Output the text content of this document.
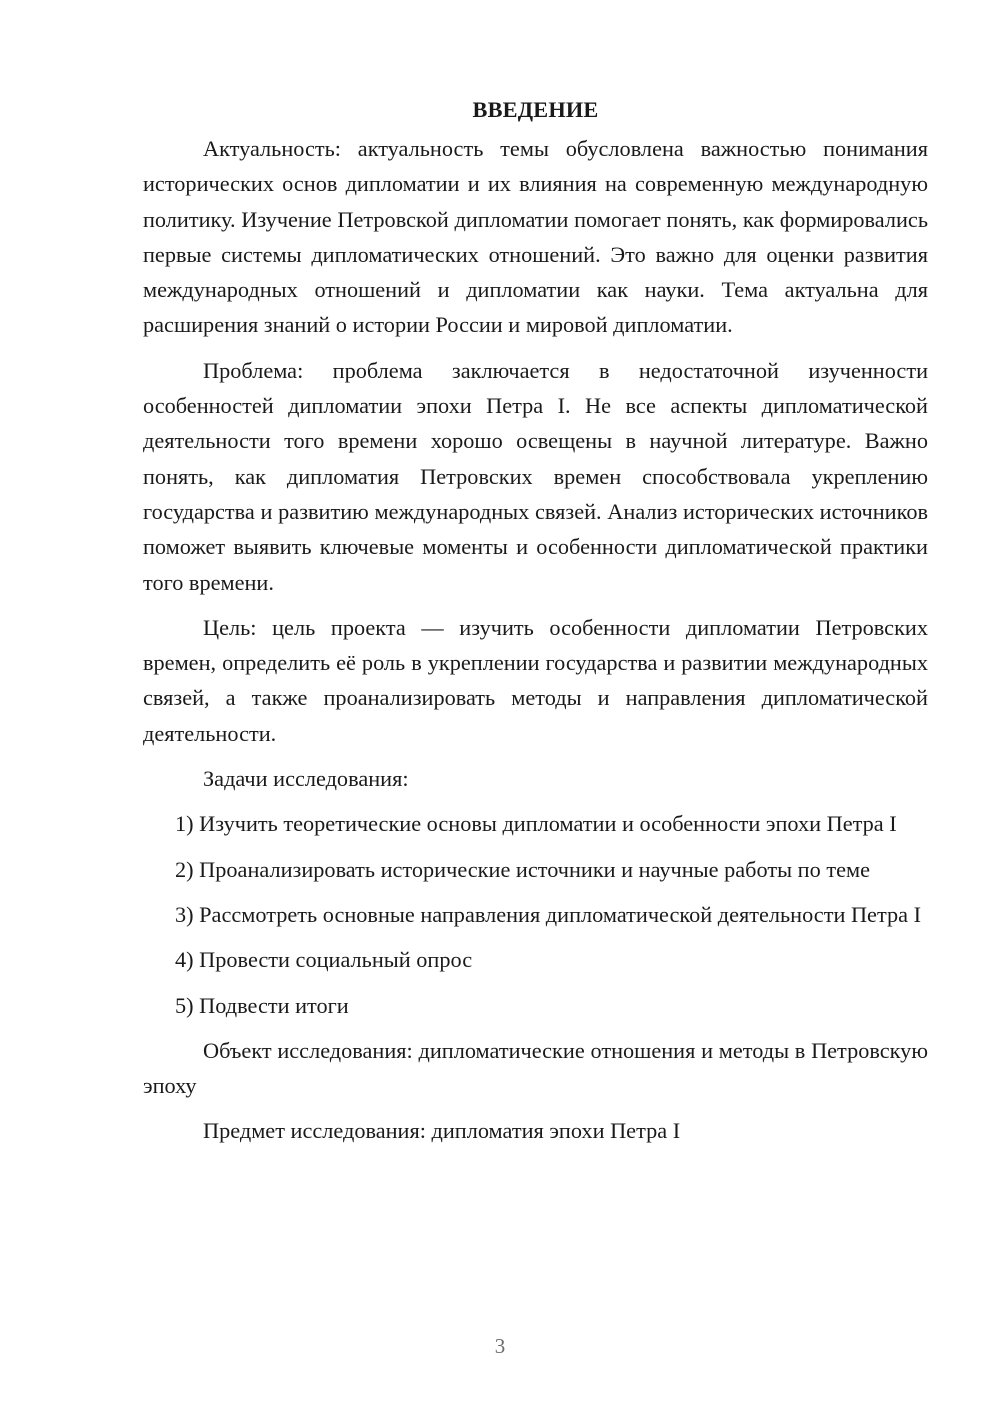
ВВЕДЕНИЕ

Актуальность: актуальность темы обусловлена важностью понимания исторических основ дипломатии и их влияния на современную международную политику. Изучение Петровской дипломатии помогает понять, как формировались первые системы дипломатических отношений. Это важно для оценки развития международных отношений и дипломатии как науки. Тема актуальна для расширения знаний о истории России и мировой дипломатии.

Проблема: проблема заключается в недостаточной изученности особенностей дипломатии эпохи Петра I. Не все аспекты дипломатической деятельности того времени хорошо освещены в научной литературе. Важно понять, как дипломатия Петровских времен способствовала укреплению государства и развитию международных связей. Анализ исторических источников поможет выявить ключевые моменты и особенности дипломатической практики того времени.

Цель: цель проекта — изучить особенности дипломатии Петровских времен, определить её роль в укреплении государства и развитии международных связей, а также проанализировать методы и направления дипломатической деятельности.

Задачи исследования:

1) Изучить теоретические основы дипломатии и особенности эпохи Петра I

2) Проанализировать исторические источники и научные работы по теме

3) Рассмотреть основные направления дипломатической деятельности Петра I

4) Провести социальный опрос

5) Подвести итоги

Объект исследования: дипломатические отношения и методы в Петровскую эпоху

Предмет исследования: дипломатия эпохи Петра I

3
